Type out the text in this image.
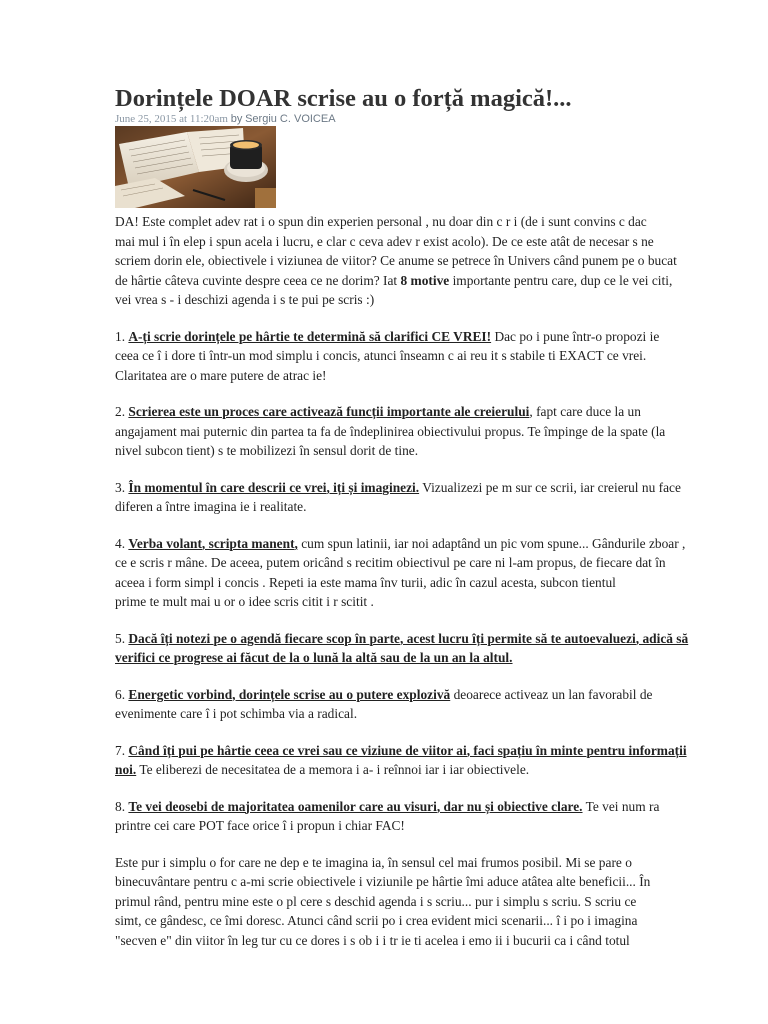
Dorințele DOAR scrise au o forță magică!...
June 25, 2015 at 11:20am by Sergiu C. VOICEA

DA! Este complet adev rat i o spun din experien personal , nu doar din c r i (de i sunt convins c dac
mai mul i în elep i spun acela i lucru, e clar c ceva adev r exist acolo). De ce este atât de necesar s ne
scriem dorin ele, obiectivele i viziunea de viitor? Ce anume se petrece în Univers când punem pe o bucat
de hârtie câteva cuvinte despre ceea ce ne dorim? Iat 8 motive importante pentru care, dup ce le vei citi,
vei vrea s - i deschizi agenda i s te pui pe scris :)

1. A-ți scrie dorințele pe hârtie te determină să clarifici CE VREI! Dac po i pune într-o propozi ie
ceea ce î i dore ti într-un mod simplu i concis, atunci înseamn c ai reu it s stabile ti EXACT ce vrei.
Claritatea are o mare putere de atrac ie!

2. Scrierea este un proces care activează funcții importante ale creierului, fapt care duce la un
angajament mai puternic din partea ta fa de îndeplinirea obiectivului propus. Te împinge de la spate (la
nivel subcon tient) s te mobilizezi în sensul dorit de tine.

3. În momentul în care descrii ce vrei, iți și imaginezi. Vizualizezi pe m sur ce scrii, iar creierul nu face
diferen a între imagina ie i realitate.

4. Verba volant, scripta manent, cum spun latinii, iar noi adaptând un pic vom spune... Gândurile zboar ,
ce e scris r mâne. De aceea, putem oricând s recitim obiectivul pe care ni l-am propus, de fiecare dat în
aceea i form simpl i concis . Repeti ia este mama înv turii, adic în cazul acesta, subcon tientul
prime te mult mai u or o idee scris citit i r scitit .

5. Dacă îți notezi pe o agendă fiecare scop în parte, acest lucru îți permite să te autoevaluezi, adică să
verifici ce progrese ai făcut de la o lună la altă sau de la un an la altul.

6. Energetic vorbind, dorințele scrise au o putere explozivă deoarece activeaz un lan favorabil de
evenimente care î i pot schimba via a radical.

7. Când îți pui pe hârtie ceea ce vrei sau ce viziune de viitor ai, faci spațiu în minte pentru informații
noi. Te eliberezi de necesitatea de a memora i a- i reînnoi iar i iar obiectivele.

8. Te vei deosebi de majoritatea oamenilor care au visuri, dar nu și obiective clare. Te vei num ra
printre cei care POT face orice î i propun i chiar FAC!

Este pur i simplu o for care ne dep e te imagina ia, în sensul cel mai frumos posibil. Mi se pare o
binecuvântare pentru c a-mi scrie obiectivele i viziunile pe hârtie îmi aduce atâtea alte beneficii... În
primul rând, pentru mine este o pl cere s deschid agenda i s scriu... pur i simplu s scriu. S scriu ce
simt, ce gândesc, ce îmi doresc. Atunci când scrii po i crea evident mici scenarii... î i po i imagina
"secven e" din viitor în leg tur cu ce dores i s ob i i tr ie ti acelea i emo ii i bucurii ca i când totul
